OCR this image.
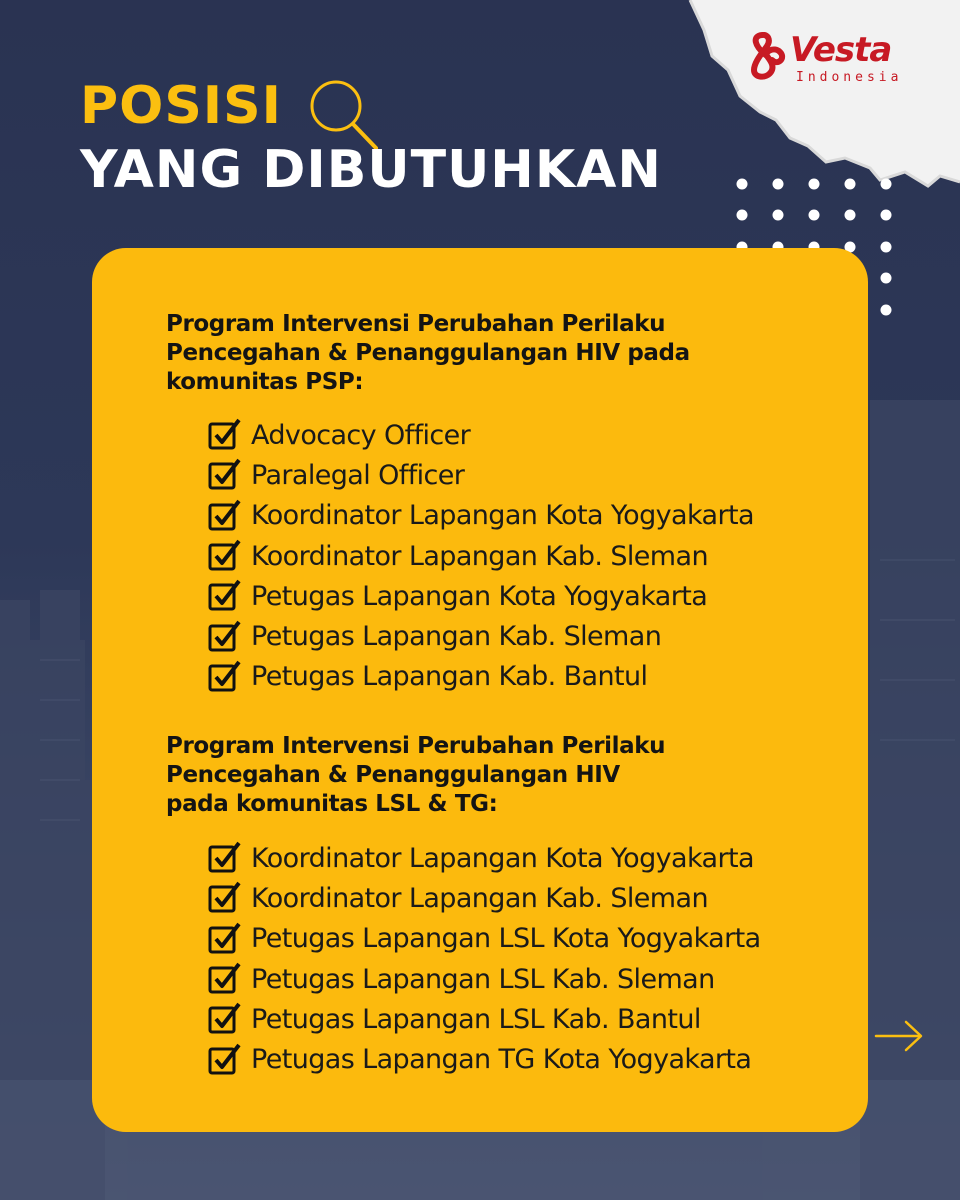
Vesta
Indonesia
POSISI
YANG DIBUTUHKAN
Program Intervensi Perubahan Perilaku
Pencegahan & Penanggulangan HIV pada
komunitas PSP:
Advocacy Officer
Paralegal Officer
Koordinator Lapangan Kota Yogyakarta
Koordinator Lapangan Kab. Sleman
Petugas Lapangan Kota Yogyakarta
Petugas Lapangan Kab. Sleman
Petugas Lapangan Kab. Bantul
Program Intervensi Perubahan Perilaku
Pencegahan & Penanggulangan HIV
pada komunitas LSL & TG:
Koordinator Lapangan Kota Yogyakarta
Koordinator Lapangan Kab. Sleman
Petugas Lapangan LSL Kota Yogyakarta
Petugas Lapangan LSL Kab. Sleman
Petugas Lapangan LSL Kab. Bantul
Petugas Lapangan TG Kota Yogyakarta
